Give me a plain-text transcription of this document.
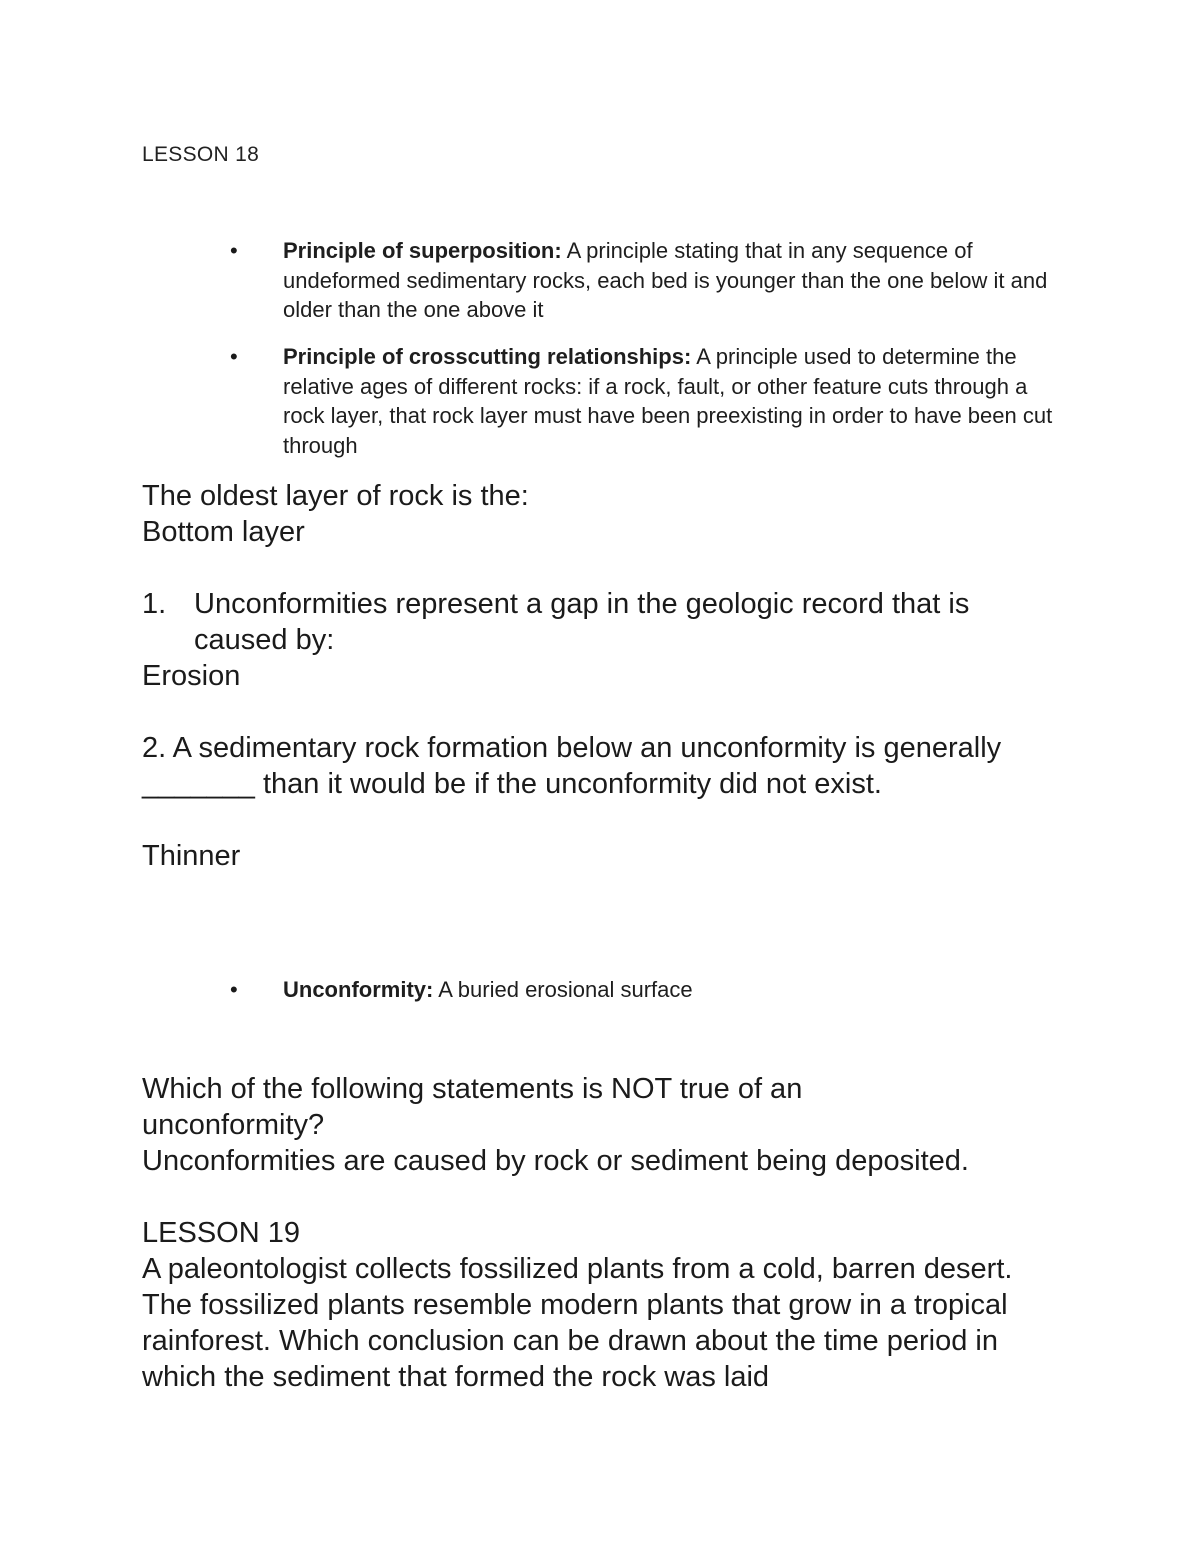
LESSON 18
• Principle of superposition: A principle stating that in any sequence of undeformed sedimentary rocks, each bed is younger than the one below it and older than the one above it
• Principle of crosscutting relationships: A principle used to determine the relative ages of different rocks: if a rock, fault, or other feature cuts through a rock layer, that rock layer must have been preexisting in order to have been cut through
The oldest layer of rock is the:
Bottom layer
1. Unconformities represent a gap in the geologic record that is caused by:
Erosion
2. A sedimentary rock formation below an unconformity is generally _______ than it would be if the unconformity did not exist.
Thinner
• Unconformity: A buried erosional surface
Which of the following statements is NOT true of an unconformity?
Unconformities are caused by rock or sediment being deposited.
LESSON 19
A paleontologist collects fossilized plants from a cold, barren desert. The fossilized plants resemble modern plants that grow in a tropical rainforest. Which conclusion can be drawn about the time period in which the sediment that formed the rock was laid
